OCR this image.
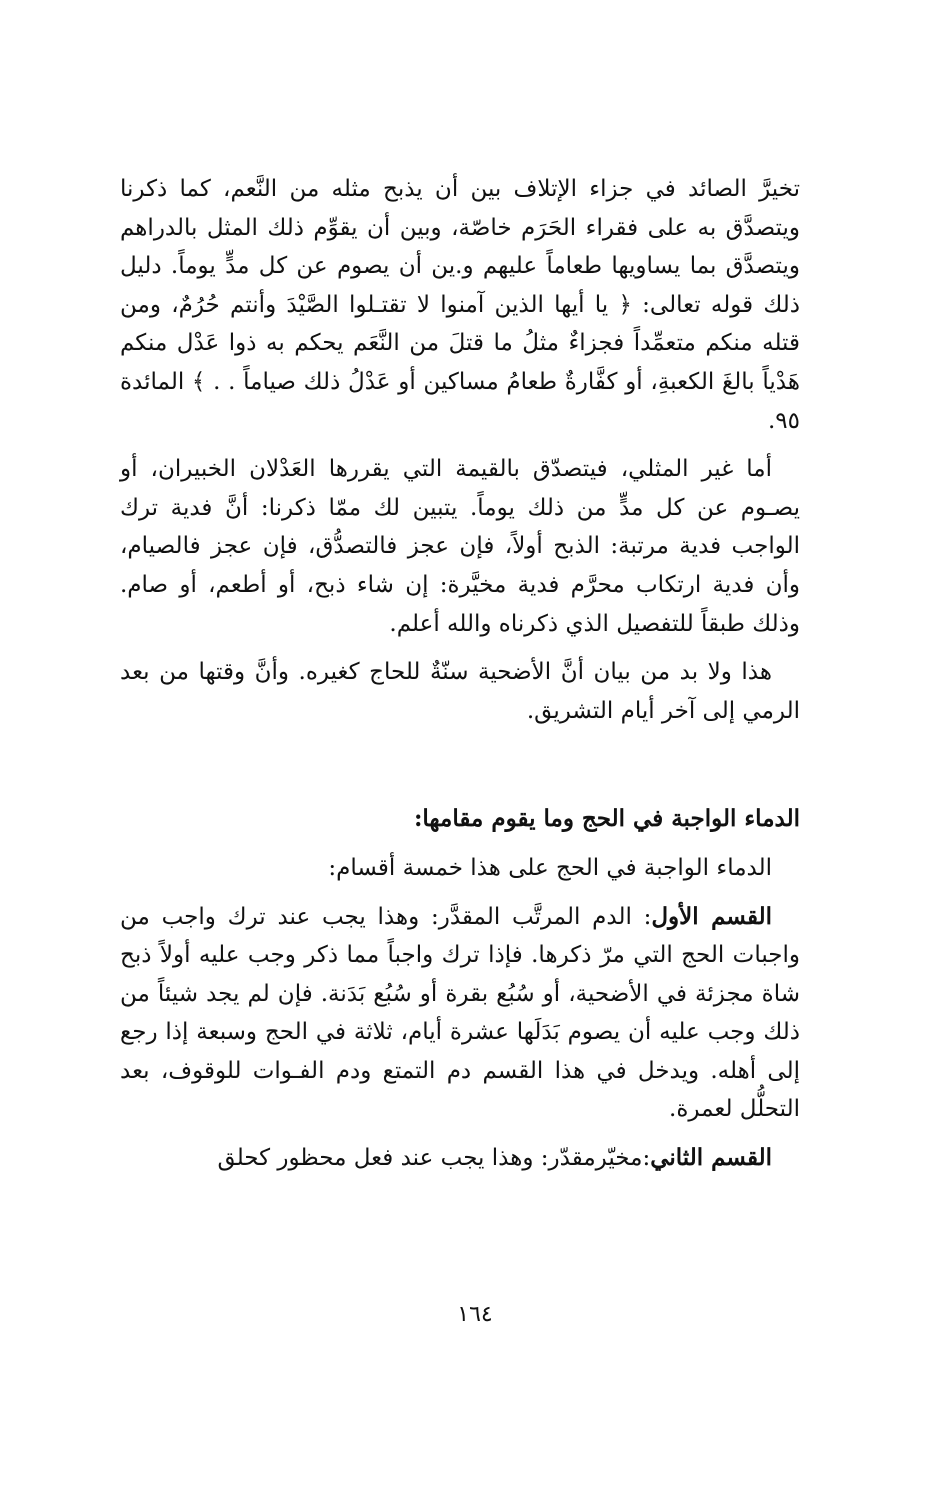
تخيرَّ الصائد في جزاء الإتلاف بين أن يذبح مثله من النَّعم، كما ذكرنا ويتصدَّق به على فقراء الحَرَم خاصّة، وبين أن يقوِّم ذلك المثل بالدراهم ويتصدَّق بما يساويها طعاماً عليهم و.ين أن يصوم عن كل مدٍّ يوماً. دليل ذلك قوله تعالى: ﴿ يا أيها الذين آمنوا لا تقتـلوا الصَّيْدَ وأنتم حُرُمٌ، ومن قتله منكم متعمِّداً فجزاءٌ مثلُ ما قتلَ من النَّعَم يحكم به ذوا عَدْل منكم هَدْياً بالغَ الكعبةِ، أو كفَّارةٌ طعامُ مساكين أو عَدْلُ ذلك صياماً . . ﴾ المائدة ٩٥.

أما غير المثلي، فيتصدّق بالقيمة التي يقررها العَدْلان الخبيران، أو يصـوم عن كل مدٍّ من ذلك يوماً. يتبين لك ممّا ذكرنا: أنَّ فدية ترك الواجب فدية مرتبة: الذبح أولاً، فإن عجز فالتصدُّق، فإن عجز فالصيام، وأن فدية ارتكاب محرَّم فدية مخيَّرة: إن شاء ذبح، أو أطعم، أو صام. وذلك طبقاً للتفصيل الذي ذكرناه والله أعلم.

هذا ولا بد من بيان أنَّ الأضحية سنّةٌ للحاج كغيره. وأنَّ وقتها من بعد الرمي إلى آخر أيام التشريق.

الدماء الواجبة في الحج وما يقوم مقامها:

الدماء الواجبة في الحج على هذا خمسة أقسام:

القسم الأول: الدم المرتَّب المقدَّر: وهذا يجب عند ترك واجب من واجبات الحج التي مرّ ذكرها. فإذا ترك واجباً مما ذكر وجب عليه أولاً ذبح شاة مجزئة في الأضحية، أو سُبُع بقرة أو سُبُع بَدَنة. فإن لم يجد شيئاً من ذلك وجب عليه أن يصوم بَدَلَها عشرة أيام، ثلاثة في الحج وسبعة إذا رجع إلى أهله. ويدخل في هذا القسم دم التمتع ودم الفـوات للوقوف، بعد التحلُّل لعمرة.

القسم الثاني:مخيّرمقدّر: وهذا يجب عند فعل محظور كحلق

١٦٤
